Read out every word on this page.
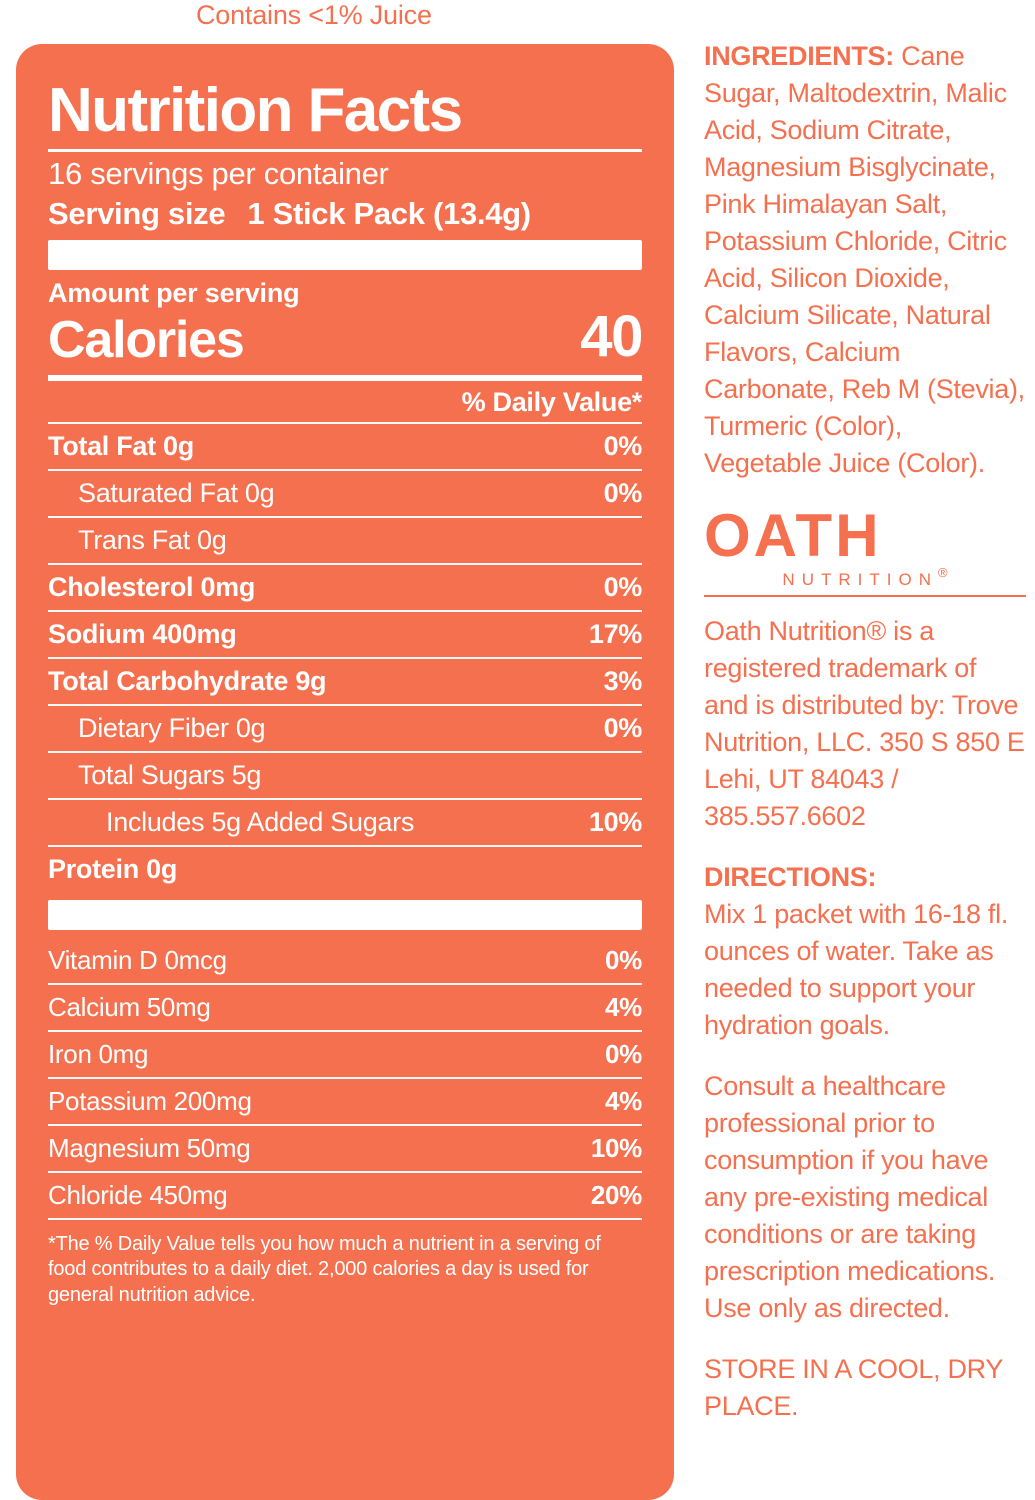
Contains <1% Juice
Nutrition Facts
16 servings per container
Serving size 1 Stick Pack (13.4g)
Amount per serving
Calories	40
% Daily Value*
Total Fat 0g	0%
Saturated Fat 0g	0%
Trans Fat 0g
Cholesterol 0mg	0%
Sodium 400mg	17%
Total Carbohydrate 9g	3%
Dietary Fiber 0g	0%
Total Sugars 5g
Includes 5g Added Sugars	10%
Protein 0g
Vitamin D 0mcg	0%
Calcium 50mg	4%
Iron 0mg	0%
Potassium 200mg	4%
Magnesium 50mg	10%
Chloride 450mg	20%
*The % Daily Value tells you how much a nutrient in a serving of food contributes to a daily diet. 2,000 calories a day is used for general nutrition advice.

INGREDIENTS: Cane Sugar, Maltodextrin, Malic Acid, Sodium Citrate, Magnesium Bisglycinate, Pink Himalayan Salt, Potassium Chloride, Citric Acid, Silicon Dioxide, Calcium Silicate, Natural Flavors, Calcium Carbonate, Reb M (Stevia), Turmeric (Color), Vegetable Juice (Color).

OATH
NUTRITION®

Oath Nutrition® is a registered trademark of and is distributed by: Trove Nutrition, LLC. 350 S 850 E Lehi, UT 84043 / 385.557.6602

DIRECTIONS:
Mix 1 packet with 16-18 fl. ounces of water. Take as needed to support your hydration goals.

Consult a healthcare professional prior to consumption if you have any pre-existing medical conditions or are taking prescription medications. Use only as directed.

STORE IN A COOL, DRY PLACE.
